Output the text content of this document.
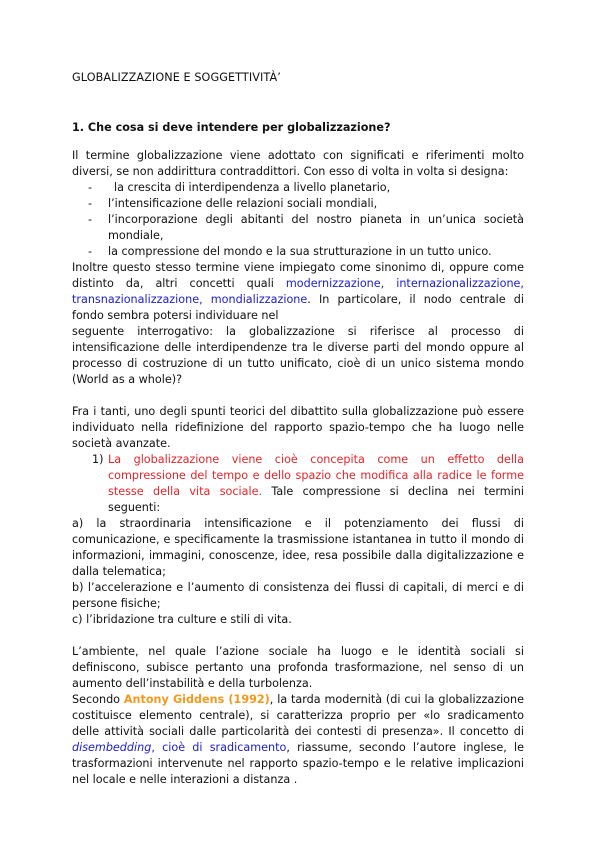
GLOBALIZZAZIONE E SOGGETTIVITÀ’
1. Che cosa si deve intendere per globalizzazione?

Il termine globalizzazione viene adottato con significati e riferimenti molto diversi, se non addirittura contraddittori. Con esso di volta in volta si designa:

- la crescita di interdipendenza a livello planetario,
- l’intensificazione delle relazioni sociali mondiali,
- l’incorporazione degli abitanti del nostro pianeta in un’unica società mondiale,
- la compressione del mondo e la sua strutturazione in un tutto unico.

Inoltre questo stesso termine viene impiegato come sinonimo di, oppure come distinto da, altri concetti quali modernizzazione, internazionalizzazione, transnazionalizzazione, mondializzazione. In particolare, il nodo centrale di fondo sembra potersi individuare nel

seguente interrogativo: la globalizzazione si riferisce al processo di intensificazione delle interdipendenze tra le diverse parti del mondo oppure al processo di costruzione di un tutto unificato, cioè di un unico sistema mondo (World as a whole)?

Fra i tanti, uno degli spunti teorici del dibattito sulla globalizzazione può essere individuato nella ridefinizione del rapporto spazio-tempo che ha luogo nelle società avanzate.

1) La globalizzazione viene cioè concepita come un effetto della compressione del tempo e dello spazio che modifica alla radice le forme stesse della vita sociale. Tale compressione si declina nei termini seguenti:

a) la straordinaria intensificazione e il potenziamento dei flussi di comunicazione, e specificamente la trasmissione istantanea in tutto il mondo di informazioni, immagini, conoscenze, idee, resa possibile dalla digitalizzazione e dalla telematica;

b) l’accelerazione e l’aumento di consistenza dei flussi di capitali, di merci e di persone fisiche;

c) l’ibridazione tra culture e stili di vita.

L’ambiente, nel quale l’azione sociale ha luogo e le identità sociali si definiscono, subisce pertanto una profonda trasformazione, nel senso di un aumento dell’instabilità e della turbolenza.

Secondo Antony Giddens (1992), la tarda modernità (di cui la globalizzazione costituisce elemento centrale), si caratterizza proprio per «lo sradicamento delle attività sociali dalle particolarità dei contesti di presenza». Il concetto di disembedding, cioè di sradicamento, riassume, secondo l’autore inglese, le trasformazioni intervenute nel rapporto spazio-tempo e le relative implicazioni nel locale e nelle interazioni a distanza .
